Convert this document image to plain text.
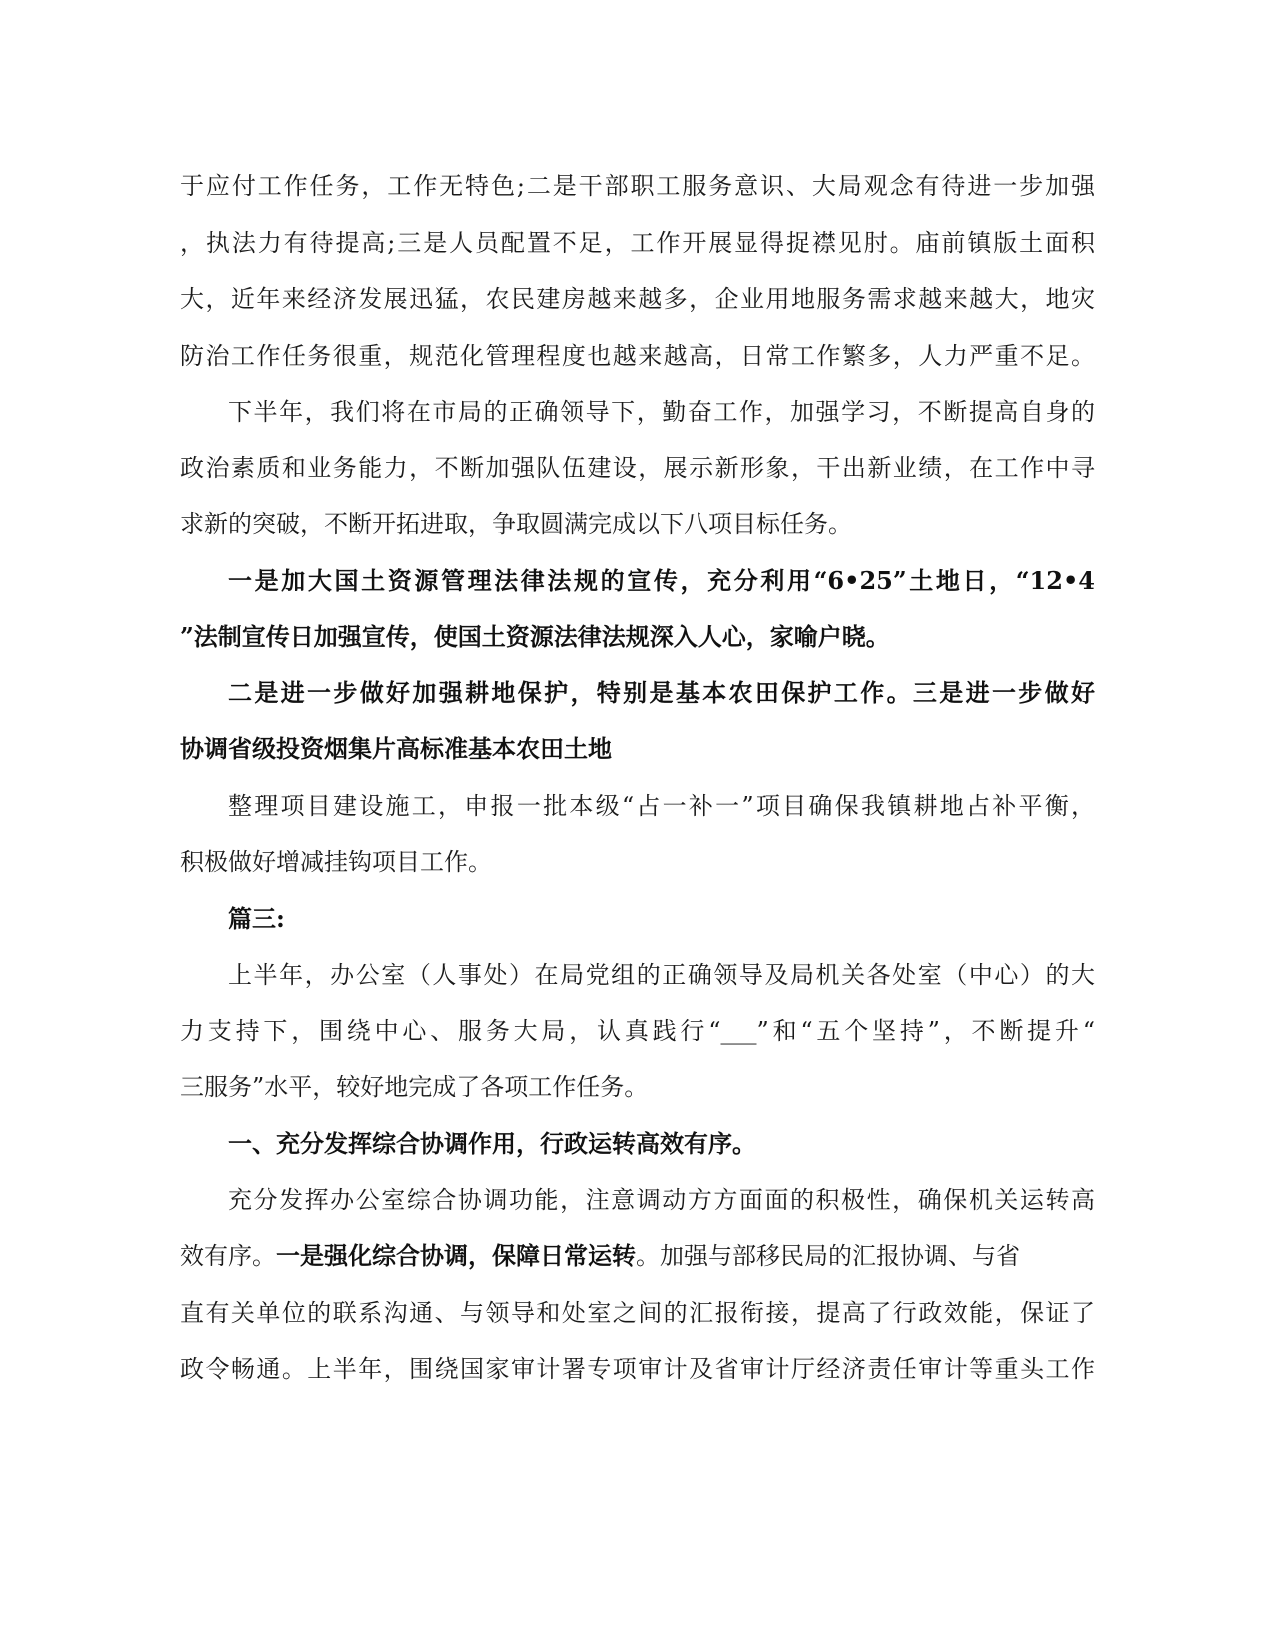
于应付工作任务，工作无特色;二是干部职工服务意识、大局观念有待进一步加强
，执法力有待提高;三是人员配置不足，工作开展显得捉襟见肘。庙前镇版土面积
大，近年来经济发展迅猛，农民建房越来越多，企业用地服务需求越来越大，地灾
防治工作任务很重，规范化管理程度也越来越高，日常工作繁多，人力严重不足。
下半年，我们将在市局的正确领导下，勤奋工作，加强学习，不断提高自身的
政治素质和业务能力，不断加强队伍建设，展示新形象，干出新业绩，在工作中寻
求新的突破，不断开拓进取，争取圆满完成以下八项目标任务。
一是加大国土资源管理法律法规的宣传，充分利用“6•25”土地日，“12•4
”法制宣传日加强宣传，使国土资源法律法规深入人心，家喻户晓。
二是进一步做好加强耕地保护，特别是基本农田保护工作。三是进一步做好
协调省级投资烟集片高标准基本农田土地
整理项目建设施工，申报一批本级“占一补一”项目确保我镇耕地占补平衡，
积极做好增减挂钩项目工作。
篇三:
上半年，办公室（人事处）在局党组的正确领导及局机关各处室（中心）的大
力支持下，围绕中心、服务大局，认真践行“___”和“五个坚持”，不断提升“
三服务”水平，较好地完成了各项工作任务。
一、充分发挥综合协调作用，行政运转高效有序。
充分发挥办公室综合协调功能，注意调动方方面面的积极性，确保机关运转高
效有序。一是强化综合协调，保障日常运转。加强与部移民局的汇报协调、与省
直有关单位的联系沟通、与领导和处室之间的汇报衔接，提高了行政效能，保证了
政令畅通。上半年，围绕国家审计署专项审计及省审计厅经济责任审计等重头工作
